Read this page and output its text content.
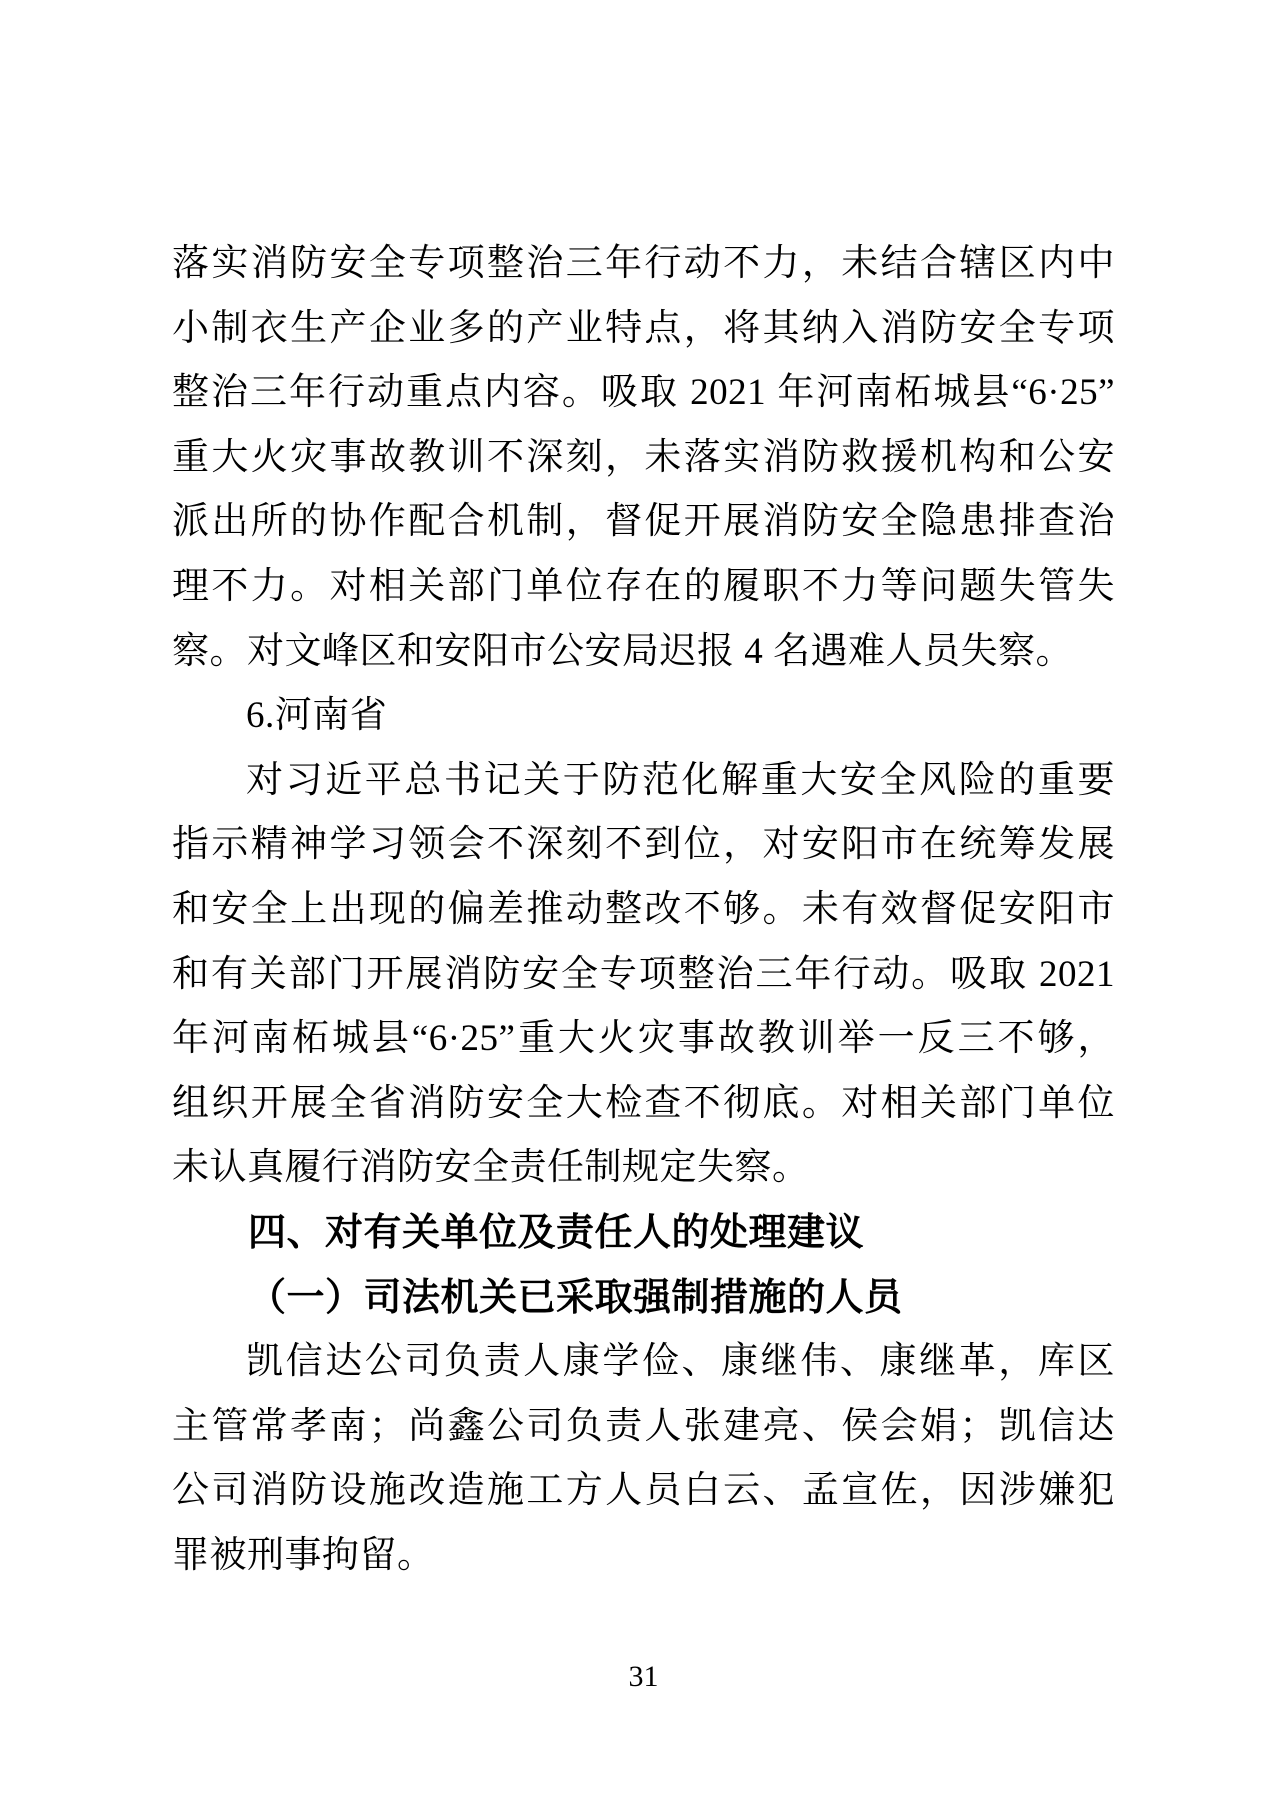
落实消防安全专项整治三年行动不力，未结合辖区内中
小制衣生产企业多的产业特点，将其纳入消防安全专项
整治三年行动重点内容。吸取 2021 年河南柘城县“6·25”
重大火灾事故教训不深刻，未落实消防救援机构和公安
派出所的协作配合机制，督促开展消防安全隐患排查治
理不力。对相关部门单位存在的履职不力等问题失管失
察。对文峰区和安阳市公安局迟报 4 名遇难人员失察。

6.河南省

对习近平总书记关于防范化解重大安全风险的重要
指示精神学习领会不深刻不到位，对安阳市在统筹发展
和安全上出现的偏差推动整改不够。未有效督促安阳市
和有关部门开展消防安全专项整治三年行动。吸取 2021
年河南柘城县“6·25”重大火灾事故教训举一反三不够，
组织开展全省消防安全大检查不彻底。对相关部门单位
未认真履行消防安全责任制规定失察。

四、对有关单位及责任人的处理建议

（一）司法机关已采取强制措施的人员

凯信达公司负责人康学俭、康继伟、康继革，库区
主管常孝南；尚鑫公司负责人张建亮、侯会娟；凯信达
公司消防设施改造施工方人员白云、孟宣佐，因涉嫌犯
罪被刑事拘留。

31
